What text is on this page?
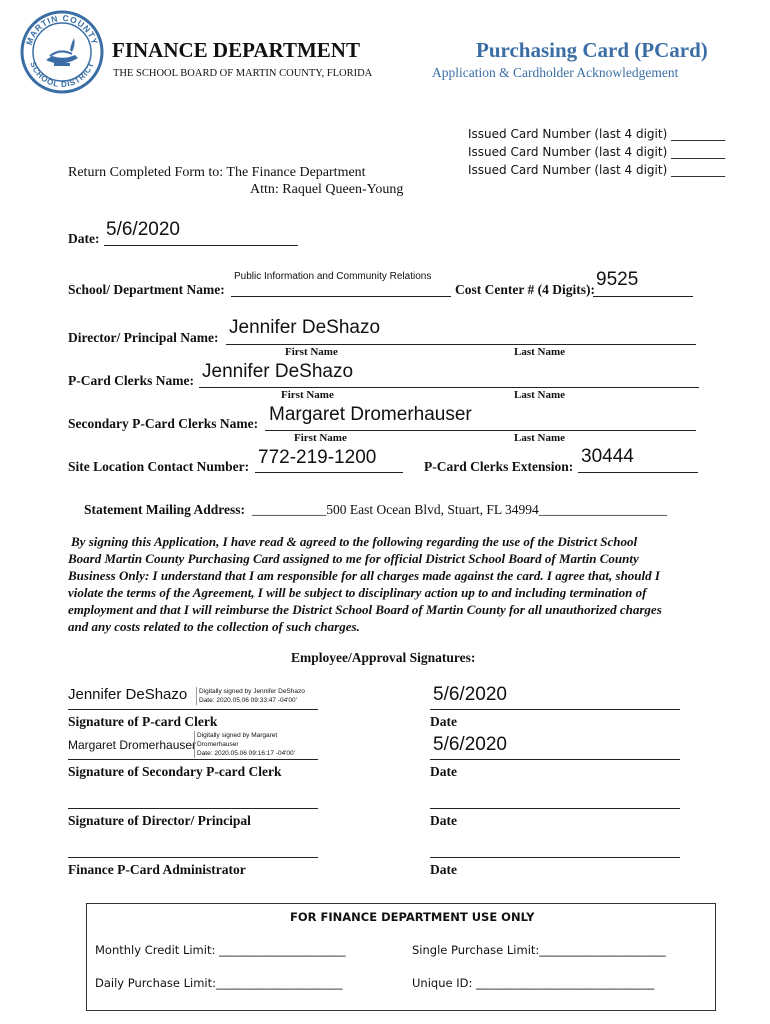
MARTIN COUNTY
SCHOOL DISTRICT
FINANCE DEPARTMENT
THE SCHOOL BOARD OF MARTIN COUNTY, FLORIDA
Purchasing Card (PCard)
Application & Cardholder Acknowledgement
Issued Card Number (last 4 digit) _________
Issued Card Number (last 4 digit) _________
Issued Card Number (last 4 digit) _________
Return Completed Form to: The Finance Department
Attn: Raquel Queen-Young
Date: 5/6/2020
School/ Department Name:
Public Information and Community Relations
Cost Center # (4 Digits): 9525
Director/ Principal Name: Jennifer DeShazo
First Name	Last Name
P-Card Clerks Name: Jennifer DeShazo
First Name	Last Name
Secondary P-Card Clerks Name: Margaret Dromerhauser
First Name	Last Name
Site Location Contact Number: 772-219-1200	P-Card Clerks Extension: 30444
Statement Mailing Address: ___________500 East Ocean Blvd, Stuart, FL 34994___________________
By signing this Application, I have read & agreed to the following regarding the use of the District School
Board Martin County Purchasing Card assigned to me for official District School Board of Martin County
Business Only: I understand that I am responsible for all charges made against the card. I agree that, should I
violate the terms of the Agreement, I will be subject to disciplinary action up to and including termination of
employment and that I will reimburse the District School Board of Martin County for all unauthorized charges
and any costs related to the collection of such charges.
Employee/Approval Signatures:
Jennifer DeShazo Digitally signed by Jennifer DeShazo
Date: 2020.05.06 09:33:47 -04'00'
Signature of P-card Clerk
5/6/2020
Date
Margaret Dromerhauser
Digitally signed by Margaret
Dromerhauser
Date: 2020.05.06 09:16:17 -04'00'
Signature of Secondary P-card Clerk
5/6/2020
Date
Signature of Director/ Principal	Date
Finance P-Card Administrator	Date
FOR FINANCE DEPARTMENT USE ONLY
Monthly Credit Limit: ______________________	Single Purchase Limit:______________________
Daily Purchase Limit:______________________	Unique ID: _______________________________
